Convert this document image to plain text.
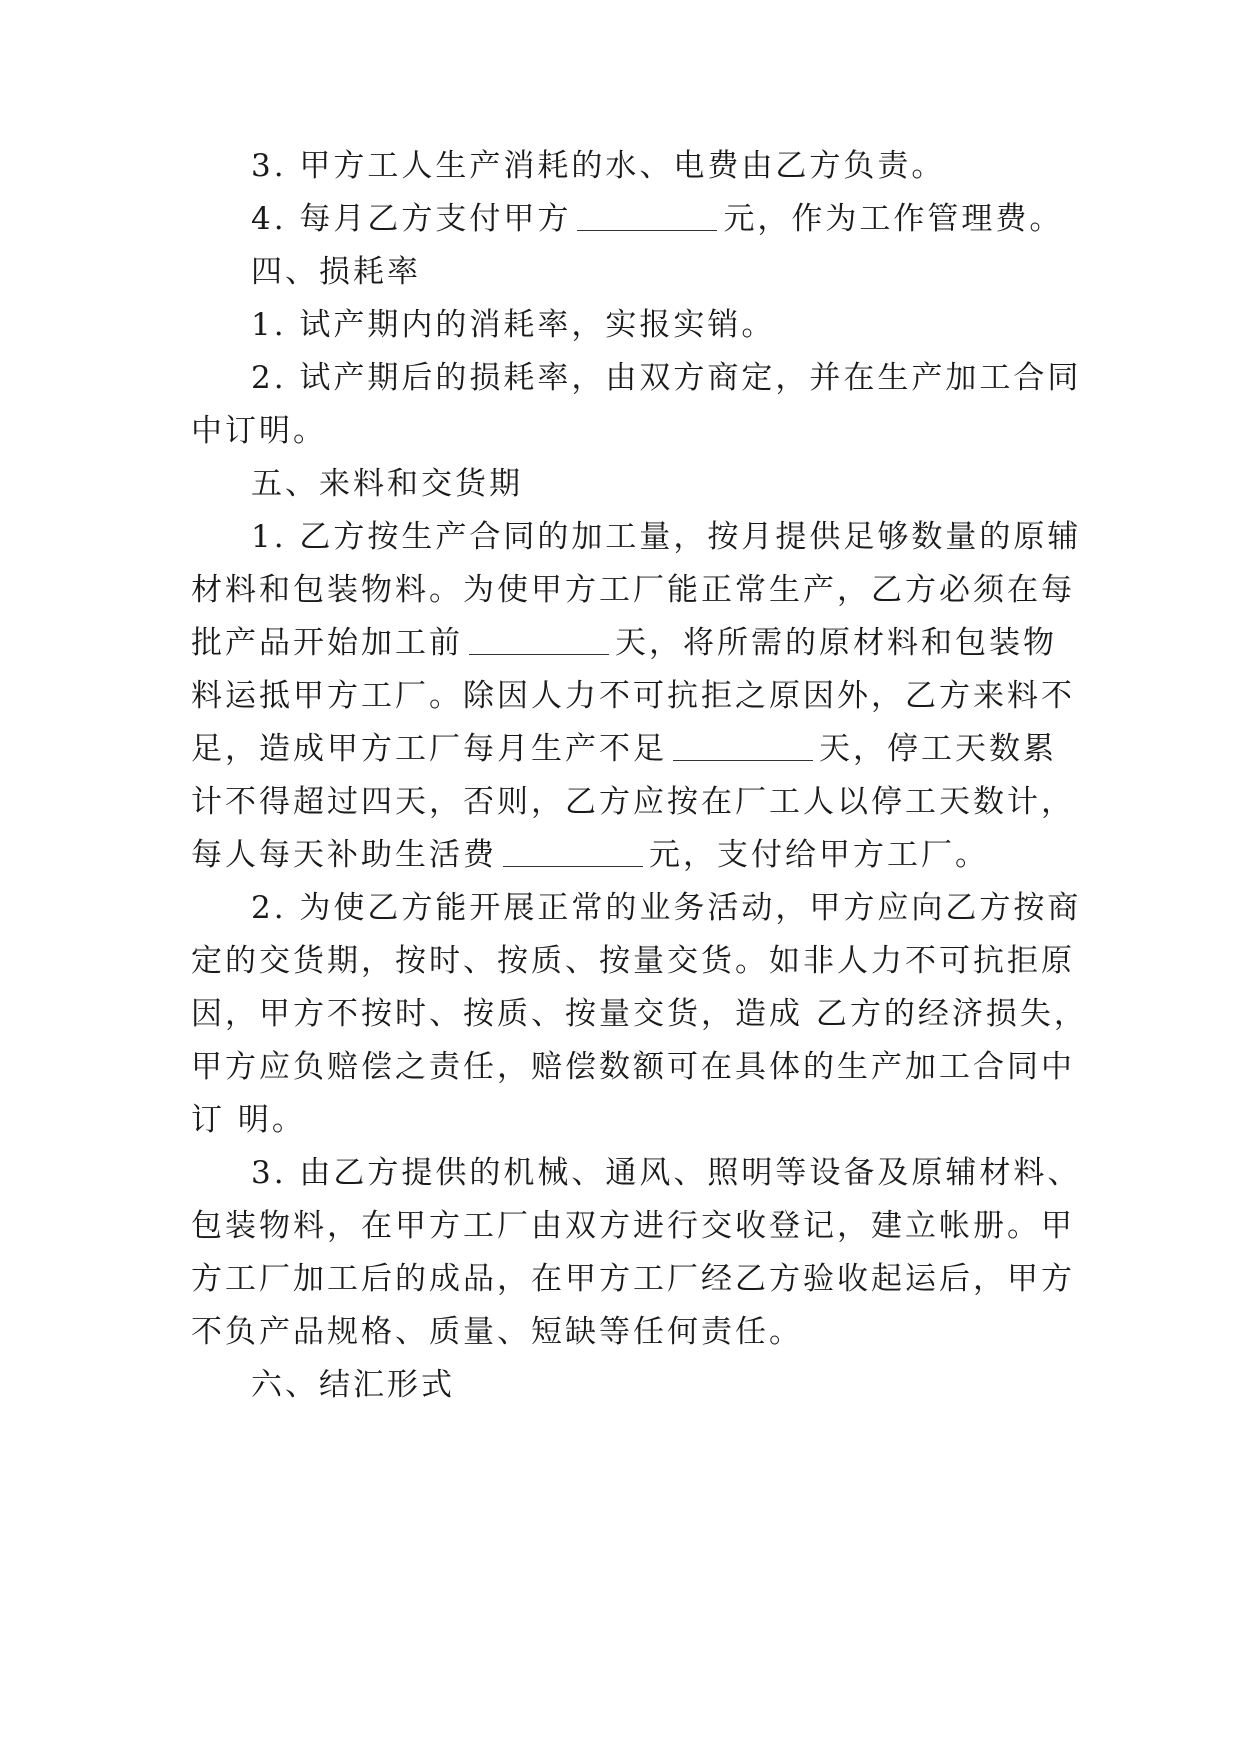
3. 甲方工人生产消耗的水、电费由乙方负责。
4. 每月乙方支付甲方	元，作为工作管理费。
四、损耗率
1. 试产期内的消耗率，实报实销。
2. 试产期后的损耗率，由双方商定，并在生产加工合同
中订明。
五、来料和交货期
1. 乙方按生产合同的加工量，按月提供足够数量的原辅
材料和包装物料。为使甲方工厂能正常生产，乙方必须在每
批产品开始加工前	天，将所需的原材料和包装物
料运抵甲方工厂。除因人力不可抗拒之原因外，乙方来料不
足，造成甲方工厂每月生产不足	天，停工天数累
计不得超过四天，否则，乙方应按在厂工人以停工天数计，
每人每天补助生活费	元，支付给甲方工厂。
2. 为使乙方能开展正常的业务活动，甲方应向乙方按商
定的交货期，按时、按质、按量交货。如非人力不可抗拒原
因，甲方不按时、按质、按量交货，造成 乙方的经济损失，
甲方应负赔偿之责任，赔偿数额可在具体的生产加工合同中
订 明。
3. 由乙方提供的机械、通风、照明等设备及原辅材料、
包装物料，在甲方工厂由双方进行交收登记，建立帐册。甲
方工厂加工后的成品，在甲方工厂经乙方验收起运后，甲方
不负产品规格、质量、短缺等任何责任。
六、结汇形式
